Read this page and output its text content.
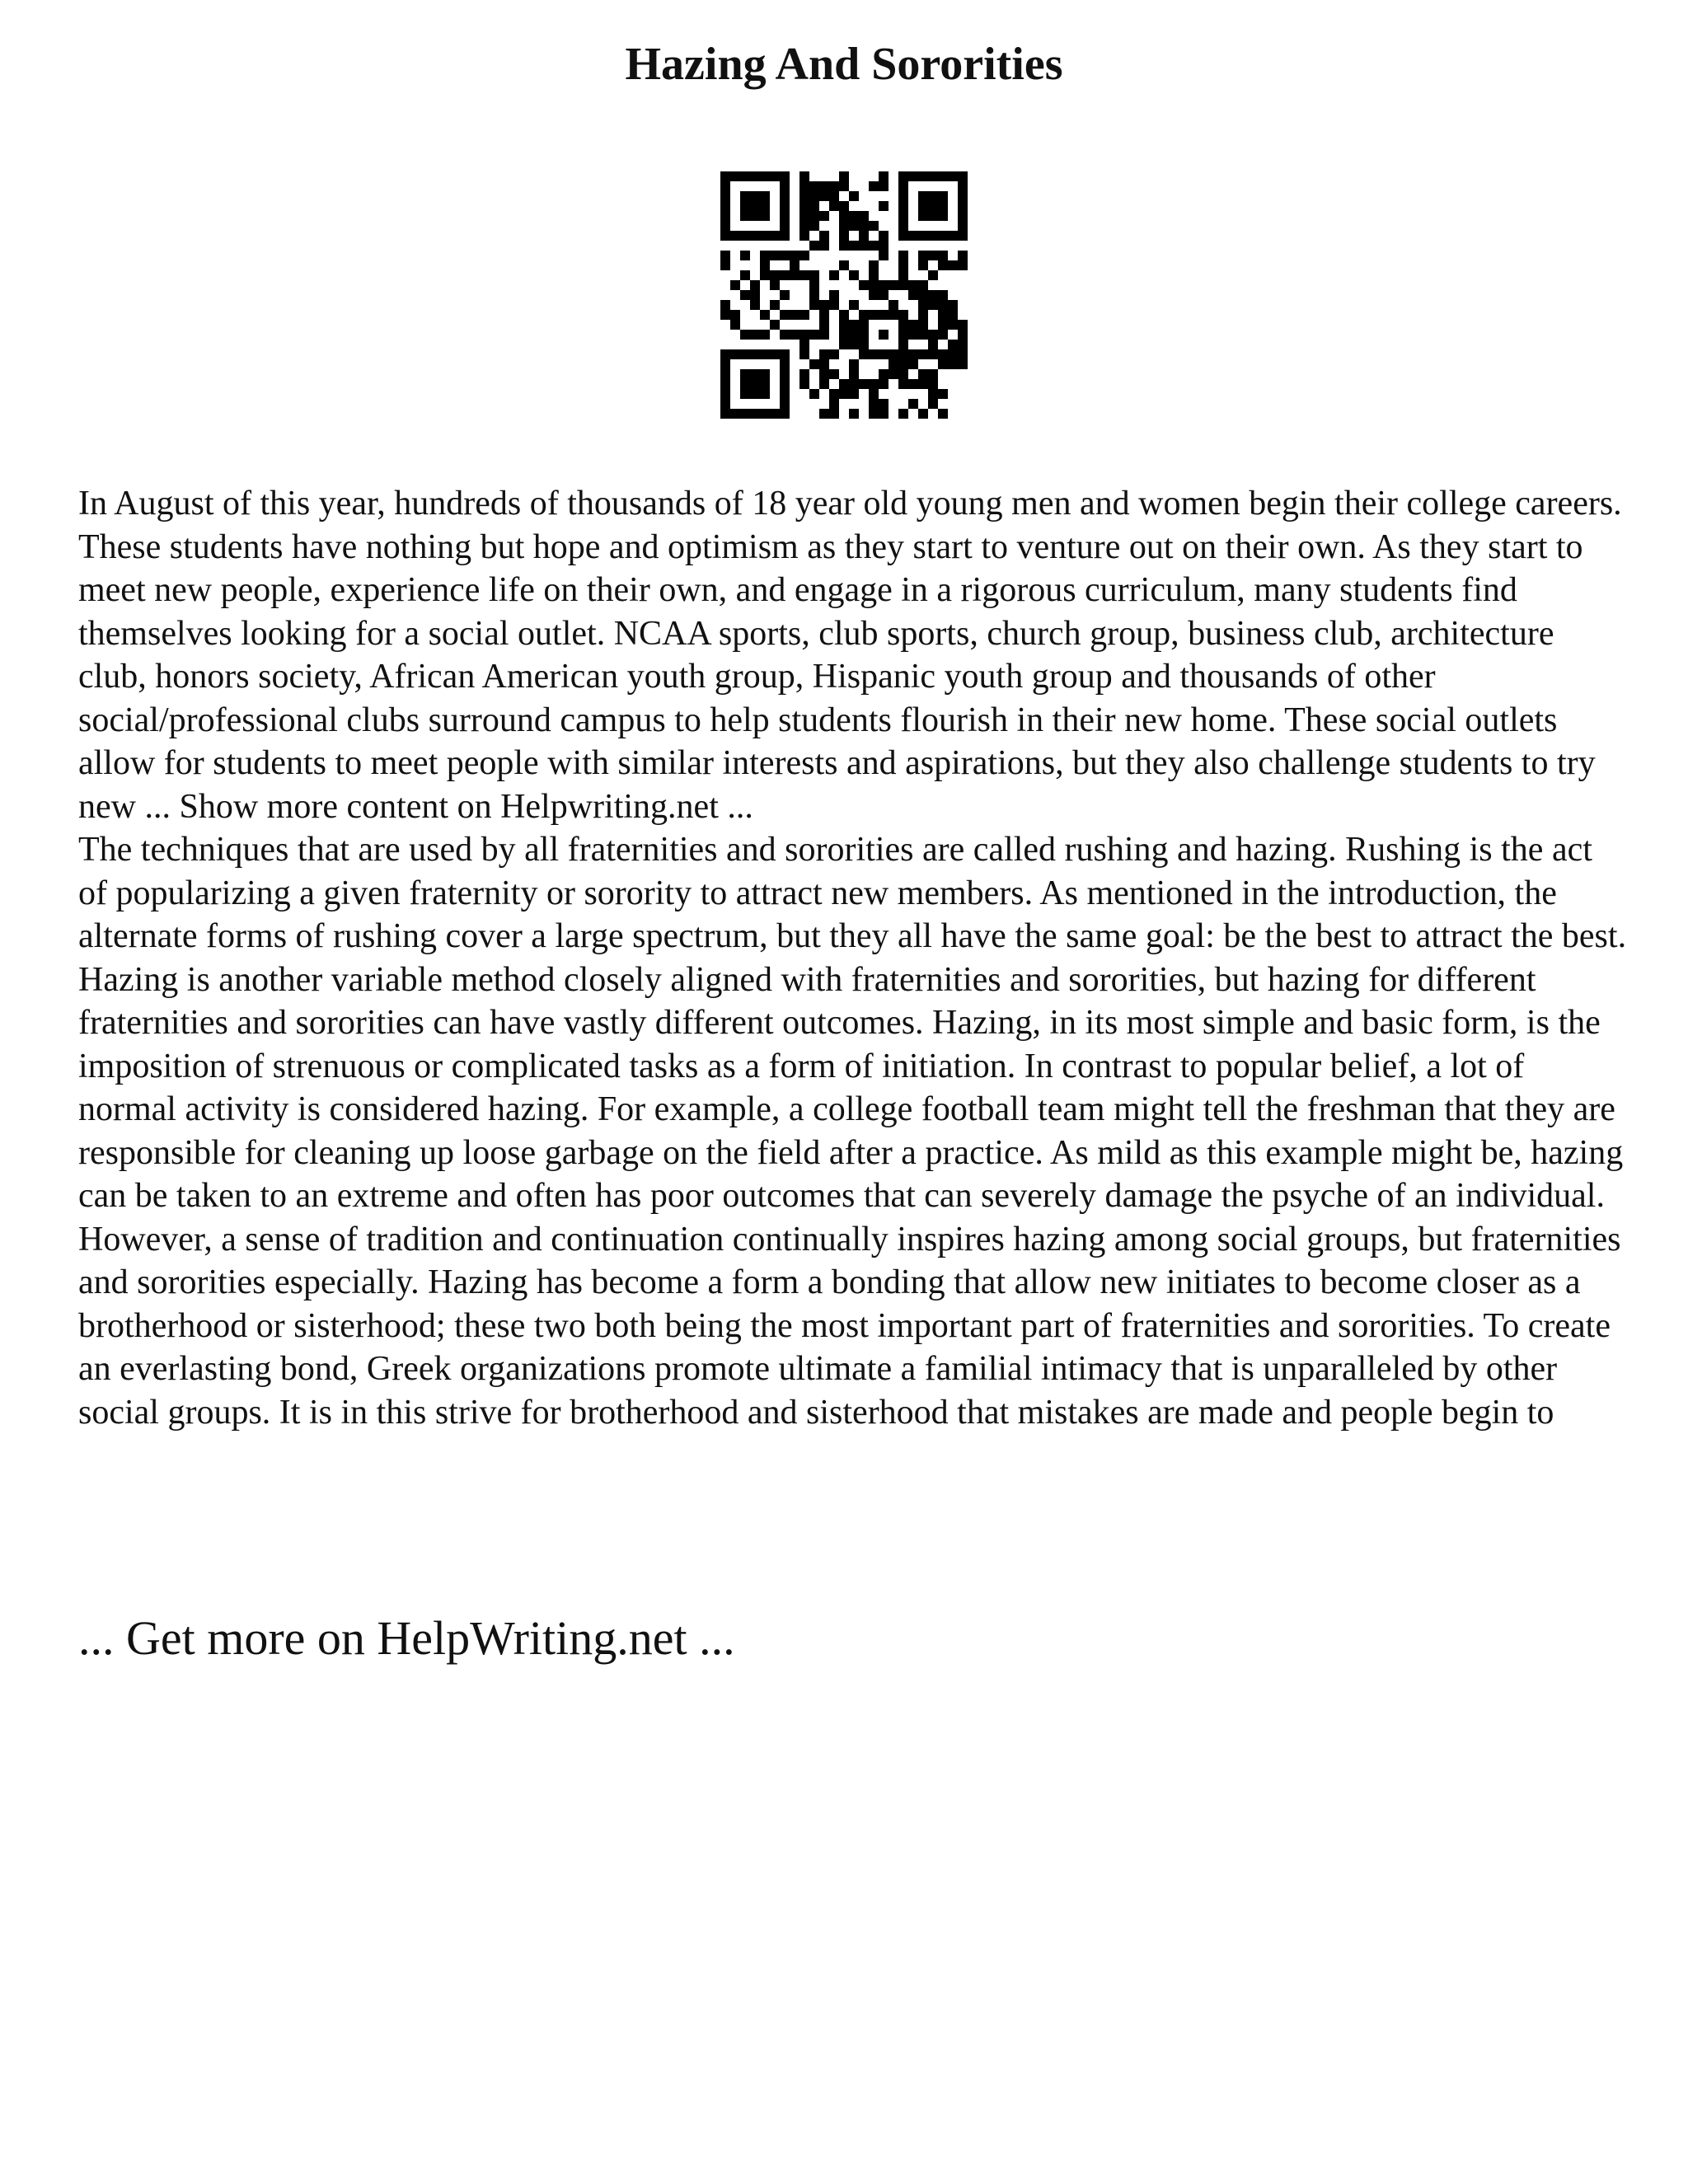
Hazing And Sororities

In August of this year, hundreds of thousands of 18 year old young men and women begin their college careers. These students have nothing but hope and optimism as they start to venture out on their own. As they start to meet new people, experience life on their own, and engage in a rigorous curriculum, many students find themselves looking for a social outlet. NCAA sports, club sports, church group, business club, architecture club, honors society, African American youth group, Hispanic youth group and thousands of other social/professional clubs surround campus to help students flourish in their new home. These social outlets allow for students to meet people with similar interests and aspirations, but they also challenge students to try new ... Show more content on Helpwriting.net ...

The techniques that are used by all fraternities and sororities are called rushing and hazing. Rushing is the act of popularizing a given fraternity or sorority to attract new members. As mentioned in the introduction, the alternate forms of rushing cover a large spectrum, but they all have the same goal: be the best to attract the best. Hazing is another variable method closely aligned with fraternities and sororities, but hazing for different fraternities and sororities can have vastly different outcomes. Hazing, in its most simple and basic form, is the imposition of strenuous or complicated tasks as a form of initiation. In contrast to popular belief, a lot of normal activity is considered hazing. For example, a college football team might tell the freshman that they are responsible for cleaning up loose garbage on the field after a practice. As mild as this example might be, hazing can be taken to an extreme and often has poor outcomes that can severely damage the psyche of an individual. However, a sense of tradition and continuation continually inspires hazing among social groups, but fraternities and sororities especially. Hazing has become a form a bonding that allow new initiates to become closer as a brotherhood or sisterhood; these two both being the most important part of fraternities and sororities. To create an everlasting bond, Greek organizations promote ultimate a familial intimacy that is unparalleled by other social groups. It is in this strive for brotherhood and sisterhood that mistakes are made and people begin to

... Get more on HelpWriting.net ...
